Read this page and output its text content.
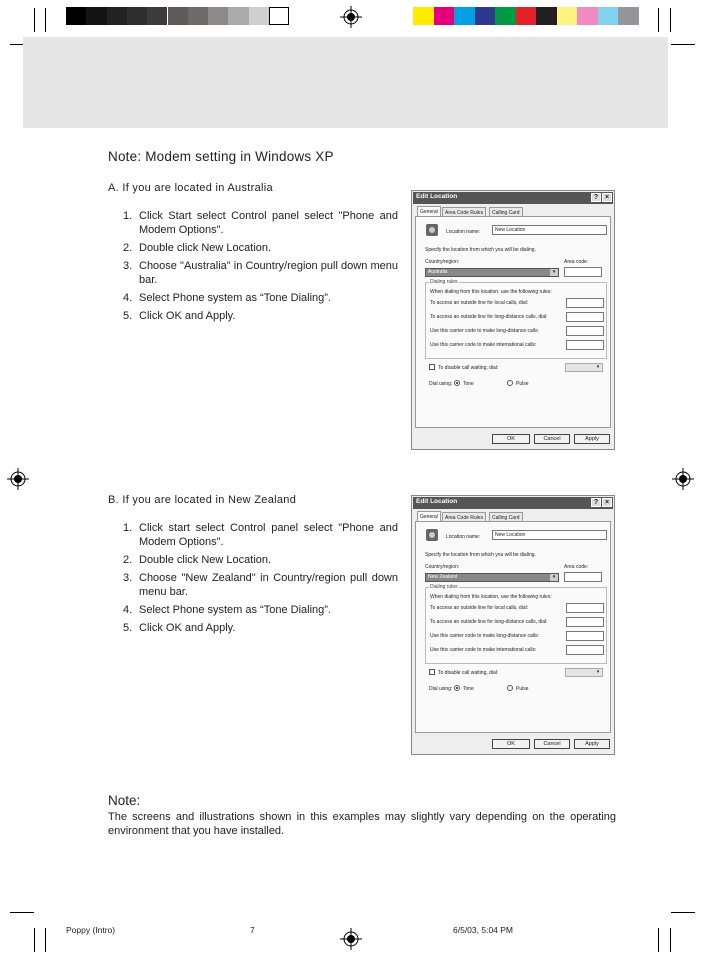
Note: Modem setting in Windows XP
A. If you are located in Australia
1. Click Start select Control panel select "Phone and Modem Options".
2. Double click New Location.
3. Choose "Australia" in Country/region pull down menu bar.
4. Select Phone system as “Tone Dialing”.
5. Click OK and Apply.
Edit Location	? ×
General	Area Code Rules	Calling Card
Location name:	New Location
Specify the location from which you will be dialing.
Country/region:	Area code:
Australia	▾
Dialing rules
When dialing from this location, use the following rules:
To access an outside line for local calls, dial:
To access an outside line for long-distance calls, dial:
Use this carrier code to make long-distance calls:
Use this carrier code to make international calls:
To disable call waiting, dial:	▾
Dial using: Tone	Pulse
OK	Cancel	Apply
B. If you are located in New Zealand
1. Click start select Control panel select "Phone and Modem Options".
2. Double click New Location.
3. Choose "New Zealand" in Country/region pull down menu bar.
4. Select Phone system as “Tone Dialing”.
5. Click OK and Apply.
Edit Location	? ×
General	Area Code Rules	Calling Card
Location name:	New Location
Specify the location from which you will be dialing.
Country/region:	Area code:
New Zealand	▾
Dialing rules
When dialing from this location, use the following rules:
To access an outside line for local calls, dial:
To access an outside line for long-distance calls, dial:
Use this carrier code to make long-distance calls:
Use this carrier code to make international calls:
To disable call waiting, dial:	▾
Dial using: Tone	Pulse
OK	Cancel	Apply
Note:
The screens and illustrations shown in this examples may slightly vary depending on the operating environment that you have installed.
Poppy (Intro)	7	6/5/03, 5:04 PM
